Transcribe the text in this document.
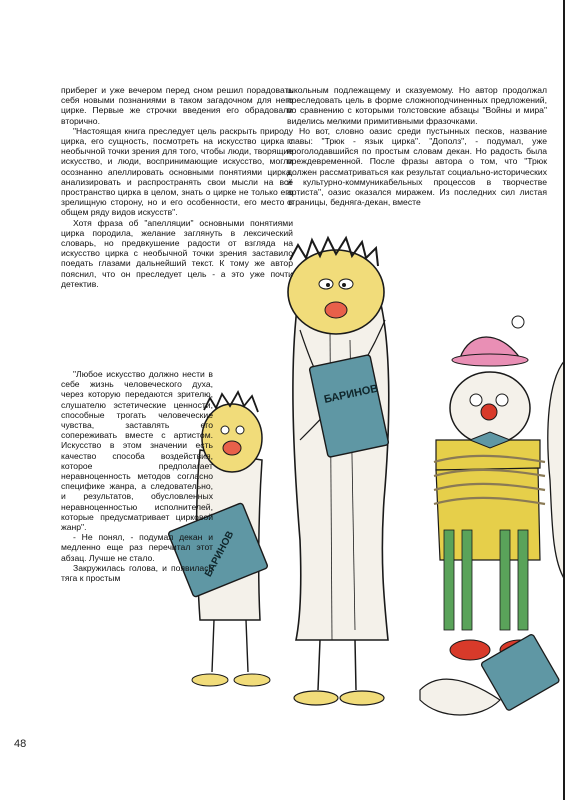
БАРИНОВ
БАРИНОВ

приберег и уже вечером перед сном решил порадовать себя новыми познаниями в таком загадочном для него цирке. Первые же строчки введения его обрадовали вторично.

"Настоящая книга преследует цель раскрыть природу цирка, его сущность, посмотреть на искусство цирка с необычной точки зрения для того, чтобы люди, творящие искусство, и люди, воспринимающие искусство, могли осознанно апеллировать основными понятиями цирка, анализировать и распространять свои мысли на всё пространство цирка в целом, знать о цирке не только его зрелищную сторону, но и его особенности, его место в общем ряду видов искусств".

Хотя фраза об "апелляции" основными понятиями цирка породила, желание заглянуть в лексический словарь, но предвкушение радости от взгляда на искусство цирка с необычной точки зрения заставило поедать глазами дальнейший текст. К тому же автор пояснил, что он преследует цель - а это уже почти детектив.

"Любое искусство должно нести в себе жизнь человеческого духа, через которую передаются зрителю, слушателю эстетические ценности, способные трогать человеческие чувства, заставлять его сопереживать вместе с артистом. Искусство в этом значении есть качество способа воздействия, которое предполагает неравноценность методов согласно специфике жанра, а следовательно, и результатов, обусловленных неравноценностью исполнителей, которые предусматривает цирковой жанр".

- Не понял, - подумал декан и медленно еще раз перечитал этот абзац. Лучше не стало.

Закружилась голова, и появилась тяга к простым

школьным подлежащему и сказуемому. Но автор продолжал преследовать цель в форме сложноподчиненных предложений, по сравнению с которыми толстовские абзацы "Войны и мира" виделись мелкими примитивными фразочками.

Но вот, словно оазис среди пустынных песков, название главы: "Трюк - язык цирка". "Дополз", - подумал, уже проголодавшийся по простым словам декан. Но радость была преждевременной. После фразы автора о том, что "Трюк должен рассматриваться как результат социально-исторических и культурно-коммуникабельных процессов в творчестве артиста", оазис оказался миражем. Из последних сил листая страницы, бедняга-декан, вместе

48
